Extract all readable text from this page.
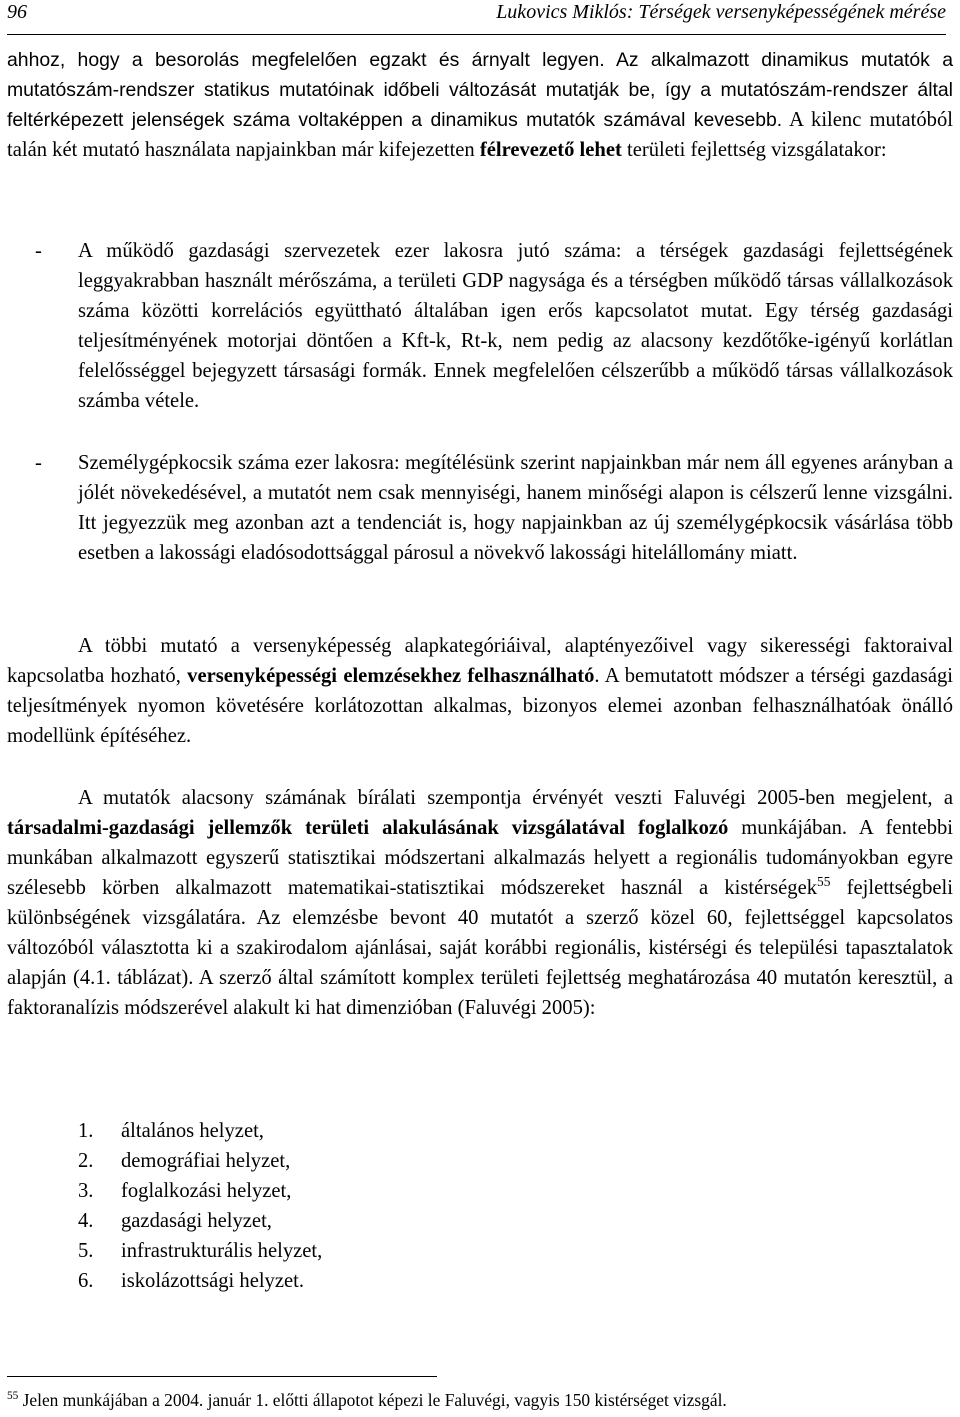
96	Lukovics Miklós: Térségek versenyképességének mérése

ahhoz, hogy a besorolás megfelelően egzakt és árnyalt legyen. Az alkalmazott dinamikus mutatók a mutatószám-rendszer statikus mutatóinak időbeli változását mutatják be, így a mutatószám-rendszer által feltérképezett jelenségek száma voltaképpen a dinamikus mutatók számával kevesebb. A kilenc mutatóból talán két mutató használata napjainkban már kifejezetten félrevezető lehet területi fejlettség vizsgálatakor:

- A működő gazdasági szervezetek ezer lakosra jutó száma: a térségek gazdasági fejlettségének leggyakrabban használt mérőszáma, a területi GDP nagysága és a térségben működő társas vállalkozások száma közötti korrelációs együttható általában igen erős kapcsolatot mutat. Egy térség gazdasági teljesítményének motorjai döntően a Kft-k, Rt-k, nem pedig az alacsony kezdőtőke-igényű korlátlan felelősséggel bejegyzett társasági formák. Ennek megfelelően célszerűbb a működő társas vállalkozások számba vétele.
- Személygépkocsik száma ezer lakosra: megítélésünk szerint napjainkban már nem áll egyenes arányban a jólét növekedésével, a mutatót nem csak mennyiségi, hanem minőségi alapon is célszerű lenne vizsgálni. Itt jegyezzük meg azonban azt a tendenciát is, hogy napjainkban az új személygépkocsik vásárlása több esetben a lakossági eladósodottsággal párosul a növekvő lakossági hitelállomány miatt.

A többi mutató a versenyképesség alapkategóriáival, alaptényezőivel vagy sikerességi faktoraival kapcsolatba hozható, versenyképességi elemzésekhez felhasználható. A bemutatott módszer a térségi gazdasági teljesítmények nyomon követésére korlátozottan alkalmas, bizonyos elemei azonban felhasználhatóak önálló modellünk építéséhez.

A mutatók alacsony számának bírálati szempontja érvényét veszti Faluvégi 2005-ben megjelent, a társadalmi-gazdasági jellemzők területi alakulásának vizsgálatával foglalkozó munkájában. A fentebbi munkában alkalmazott egyszerű statisztikai módszertani alkalmazás helyett a regionális tudományokban egyre szélesebb körben alkalmazott matematikai-statisztikai módszereket használ a kistérségek$^{55}$ fejlettségbeli különbségének vizsgálatára. Az elemzésbe bevont 40 mutatót a szerző közel 60, fejlettséggel kapcsolatos változóból választotta ki a szakirodalom ajánlásai, saját korábbi regionális, kistérségi és települési tapasztalatok alapján (4.1. táblázat). A szerző által számított komplex területi fejlettség meghatározása 40 mutatón keresztül, a faktoranalízis módszerével alakult ki hat dimenzióban (Faluvégi 2005):

1. általános helyzet,
2. demográfiai helyzet,
3. foglalkozási helyzet,
4. gazdasági helyzet,
5. infrastrukturális helyzet,
6. iskolázottsági helyzet.
$^{55}$ Jelen munkájában a 2004. január 1. előtti állapotot képezi le Faluvégi, vagyis 150 kistérséget vizsgál.
